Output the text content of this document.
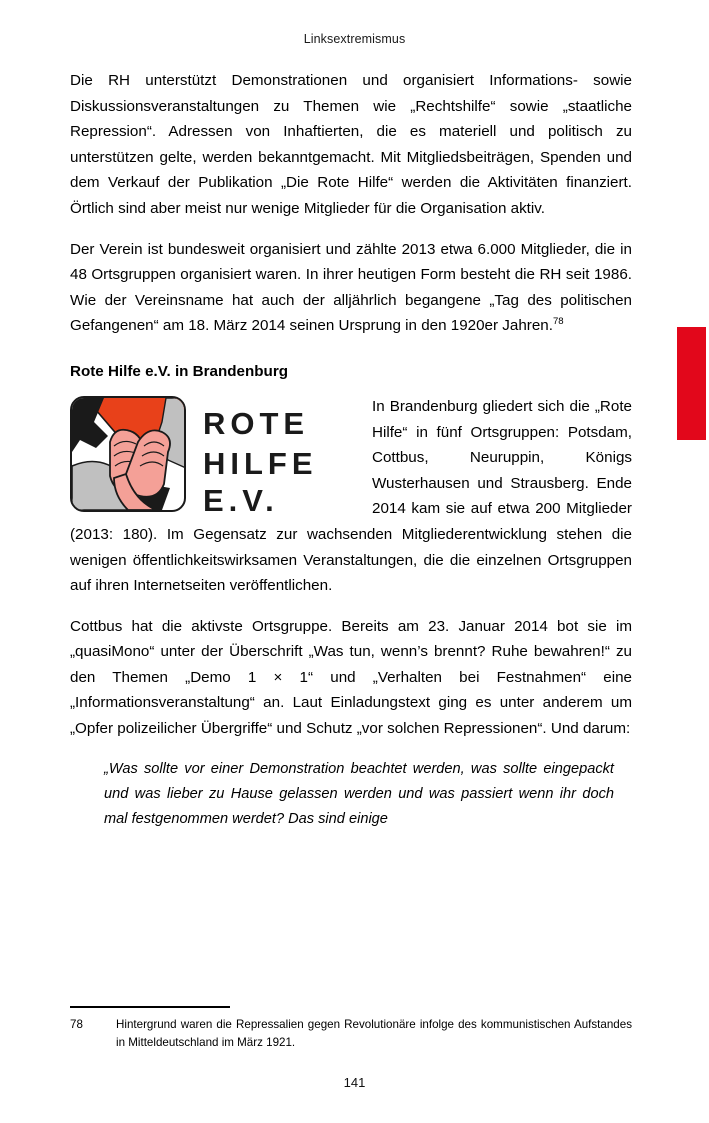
Linksextremismus

Die RH unterstützt Demonstrationen und organisiert Informations- sowie Diskussionsveranstaltungen zu Themen wie „Rechtshilfe“ sowie „staatliche Repression“. Adressen von Inhaftierten, die es materiell und politisch zu unterstützen gelte, werden bekanntgemacht. Mit Mitgliedsbeiträgen, Spenden und dem Verkauf der Publikation „Die Rote Hilfe“ werden die Aktivitäten finanziert. Örtlich sind aber meist nur wenige Mitglieder für die Organisation aktiv.

Der Verein ist bundesweit organisiert und zählte 2013 etwa 6.000 Mitglieder, die in 48 Ortsgruppen organisiert waren. In ihrer heutigen Form besteht die RH seit 1986. Wie der Vereinsname hat auch der alljährlich begangene „Tag des politischen Gefangenen“ am 18. März 2014 seinen Ursprung in den 1920er Jahren.$^{78}$

Rote Hilfe e.V. in Brandenburg
ROTE
HILFE
E.V.

In Brandenburg gliedert sich die „Rote Hilfe“ in fünf Ortsgruppen: Potsdam, Cottbus, Neuruppin, Königs Wusterhausen und Strausberg. Ende 2014 kam sie auf etwa 200 Mitglieder (2013: 180). Im Gegensatz zur wachsenden Mitgliederentwicklung stehen die wenigen öffentlichkeitswirksamen Veranstaltungen, die die einzelnen Ortsgruppen auf ihren Internetseiten veröffentlichen.

Cottbus hat die aktivste Ortsgruppe. Bereits am 23. Januar 2014 bot sie im „quasiMono“ unter der Überschrift „Was tun, wenn’s brennt? Ruhe bewahren!“ zu den Themen „Demo 1 × 1“ und „Verhalten bei Festnahmen“ eine „Informationsveranstaltung“ an. Laut Einladungstext ging es unter anderem um „Opfer polizeilicher Übergriffe“ und Schutz „vor solchen Repressionen“. Und darum:

„Was sollte vor einer Demonstration beachtet werden, was sollte eingepackt und was lieber zu Hause gelassen werden und was passiert wenn ihr doch mal festgenommen werdet? Das sind einige
78	Hintergrund waren die Repressalien gegen Revolutionäre infolge des kommunistischen Aufstandes in Mitteldeutschland im März 1921.
141
